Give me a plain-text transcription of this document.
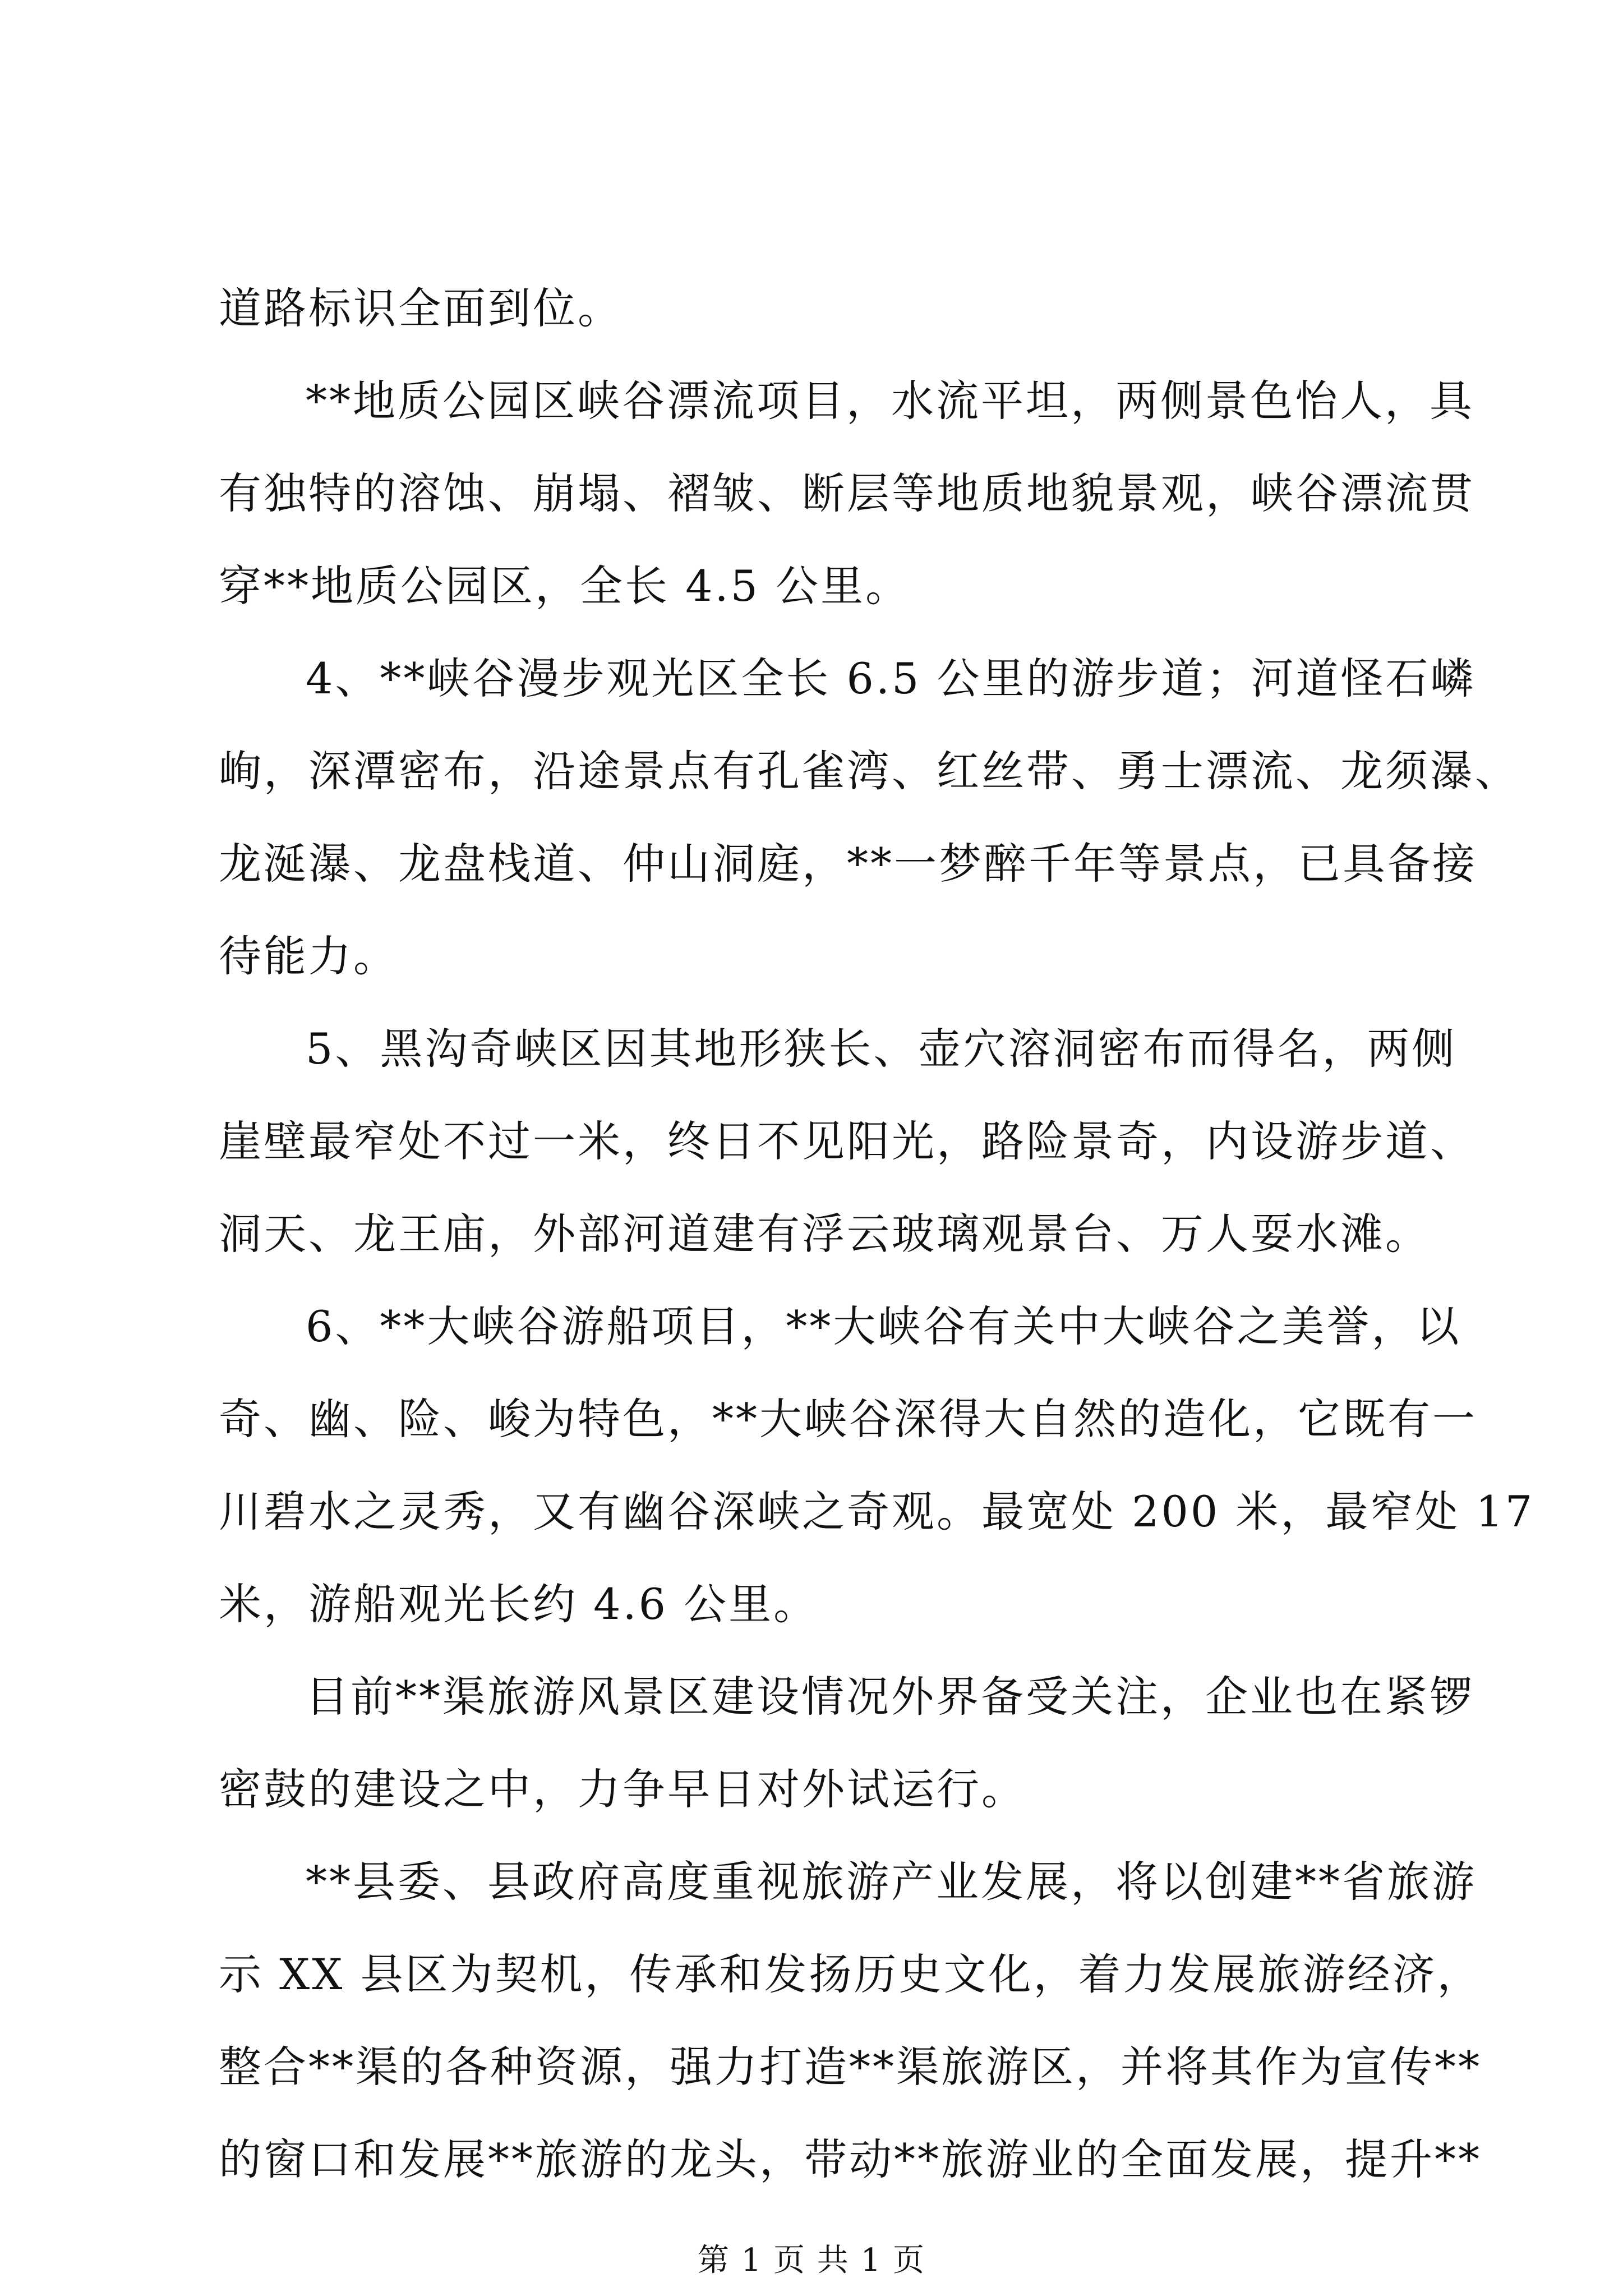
道路标识全面到位。
**地质公园区峡谷漂流项目，水流平坦，两侧景色怡人，具
有独特的溶蚀、崩塌、褶皱、断层等地质地貌景观，峡谷漂流贯
穿**地质公园区，全长 4.5 公里。
4、**峡谷漫步观光区全长 6.5 公里的游步道；河道怪石嶙
峋，深潭密布，沿途景点有孔雀湾、红丝带、勇士漂流、龙须瀑、
龙涎瀑、龙盘栈道、仲山洞庭，**一梦醉千年等景点，已具备接
待能力。
5、黑沟奇峡区因其地形狭长、壶穴溶洞密布而得名，两侧
崖壁最窄处不过一米，终日不见阳光，路险景奇，内设游步道、
洞天、龙王庙，外部河道建有浮云玻璃观景台、万人耍水滩。
6、**大峡谷游船项目，**大峡谷有关中大峡谷之美誉，以
奇、幽、险、峻为特色，**大峡谷深得大自然的造化，它既有一
川碧水之灵秀，又有幽谷深峡之奇观。最宽处 200 米，最窄处 17
米，游船观光长约 4.6 公里。
目前**渠旅游风景区建设情况外界备受关注，企业也在紧锣
密鼓的建设之中，力争早日对外试运行。
**县委、县政府高度重视旅游产业发展，将以创建**省旅游
示 XX 县区为契机，传承和发扬历史文化，着力发展旅游经济，
整合**渠的各种资源，强力打造**渠旅游区，并将其作为宣传**
的窗口和发展**旅游的龙头，带动**旅游业的全面发展，提升**
第 1 页 共 1 页
